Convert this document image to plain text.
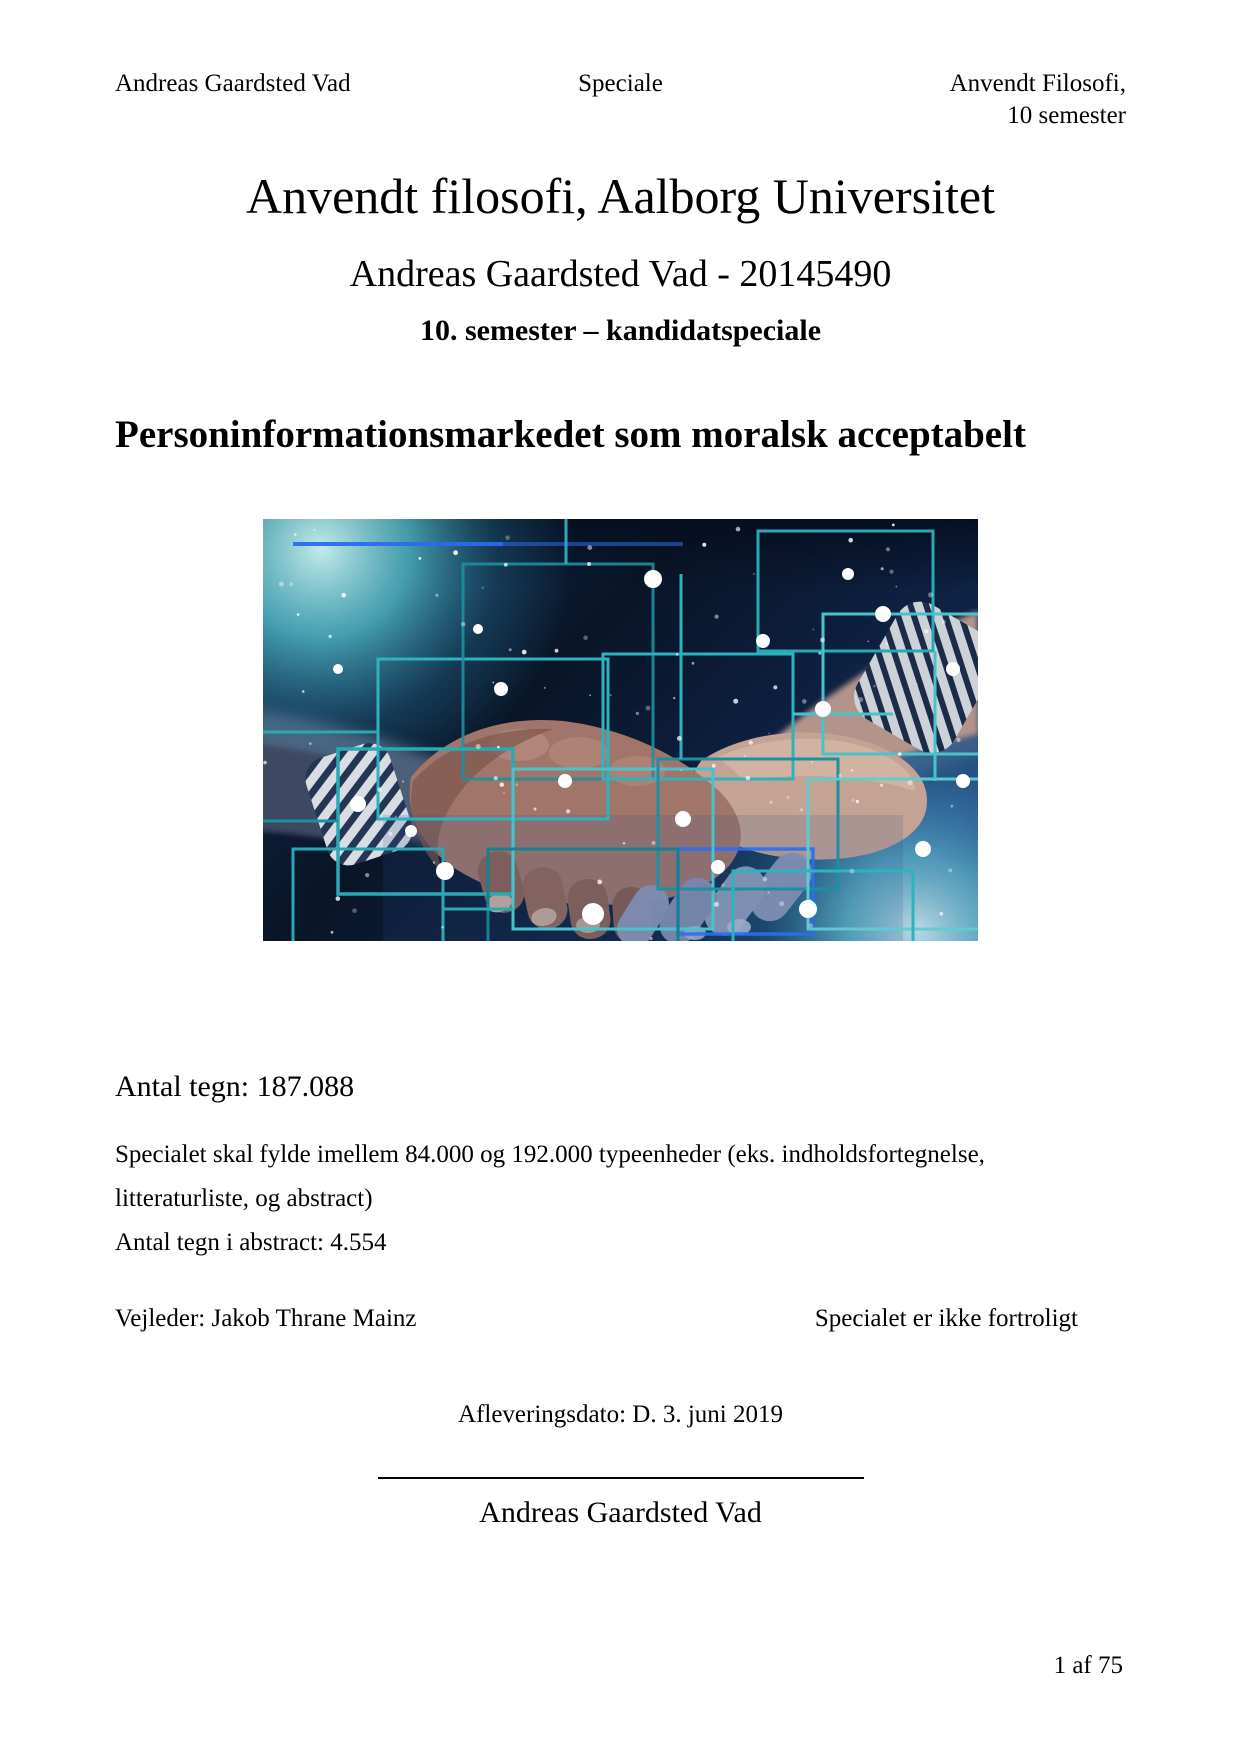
Andreas Gaardsted Vad	Speciale	Anvendt Filosofi,
10 semester
Anvendt filosofi, Aalborg Universitet
Andreas Gaardsted Vad - 20145490
10. semester – kandidatspeciale
Personinformationsmarkedet som moralsk acceptabelt
Antal tegn: 187.088
Specialet skal fylde imellem 84.000 og 192.000 typeenheder (eks. indholdsfortegnelse,
litteraturliste, og abstract)
Antal tegn i abstract: 4.554
Vejleder: Jakob Thrane Mainz	Specialet er ikke fortroligt
Afleveringsdato: D. 3. juni 2019
Andreas Gaardsted Vad
1 af 75
